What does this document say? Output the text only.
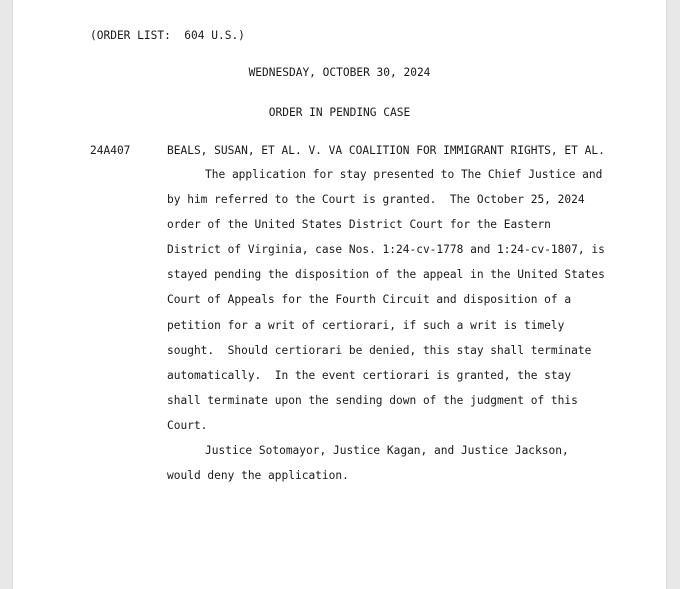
(ORDER LIST:  604 U.S.)
WEDNESDAY, OCTOBER 30, 2024
ORDER IN PENDING CASE
24A407	BEALS, SUSAN, ET AL. V. VA COALITION FOR IMMIGRANT RIGHTS, ET AL.
The application for stay presented to The Chief Justice and
by him referred to the Court is granted.  The October 25, 2024
order of the United States District Court for the Eastern
District of Virginia, case Nos. 1:24-cv-1778 and 1:24-cv-1807, is
stayed pending the disposition of the appeal in the United States
Court of Appeals for the Fourth Circuit and disposition of a
petition for a writ of certiorari, if such a writ is timely
sought.  Should certiorari be denied, this stay shall terminate
automatically.  In the event certiorari is granted, the stay
shall terminate upon the sending down of the judgment of this
Court.
Justice Sotomayor, Justice Kagan, and Justice Jackson,
would deny the application.
